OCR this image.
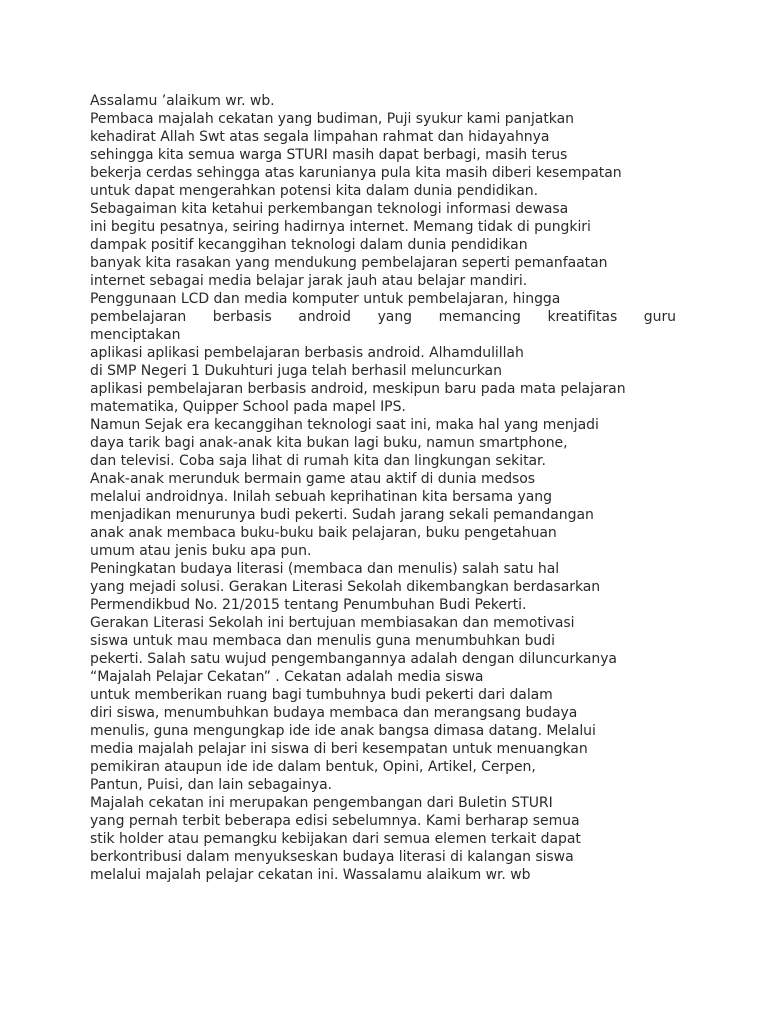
Assalamu ’alaikum wr. wb.
Pembaca majalah cekatan yang budiman, Puji syukur kami panjatkan
kehadirat Allah Swt atas segala limpahan rahmat dan hidayahnya
sehingga kita semua warga STURI masih dapat berbagi, masih terus
bekerja cerdas sehingga atas karunianya pula kita masih diberi kesempatan
untuk dapat mengerahkan potensi kita dalam dunia pendidikan.
Sebagaiman kita ketahui perkembangan teknologi informasi dewasa
ini begitu pesatnya, seiring hadirnya internet. Memang tidak di pungkiri
dampak positif kecanggihan teknologi dalam dunia pendidikan
banyak kita rasakan yang mendukung pembelajaran seperti pemanfaatan
internet sebagai media belajar jarak jauh atau belajar mandiri.
Penggunaan LCD dan media komputer untuk pembelajaran, hingga
pembelajaran berbasis android yang memancing kreatifitas guru
menciptakan
aplikasi aplikasi pembelajaran berbasis android. Alhamdulillah
di SMP Negeri 1 Dukuhturi juga telah berhasil meluncurkan
aplikasi pembelajaran berbasis android, meskipun baru pada mata pelajaran
matematika, Quipper School pada mapel IPS.
Namun Sejak era kecanggihan teknologi saat ini, maka hal yang menjadi
daya tarik bagi anak-anak kita bukan lagi buku, namun smartphone,
dan televisi. Coba saja lihat di rumah kita dan lingkungan sekitar.
Anak-anak merunduk bermain game atau aktif di dunia medsos
melalui androidnya. Inilah sebuah keprihatinan kita bersama yang
menjadikan menurunya budi pekerti. Sudah jarang sekali pemandangan
anak anak membaca buku-buku baik pelajaran, buku pengetahuan
umum atau jenis buku apa pun.
Peningkatan budaya literasi (membaca dan menulis) salah satu hal
yang mejadi solusi. Gerakan Literasi Sekolah dikembangkan berdasarkan
Permendikbud No. 21/2015 tentang Penumbuhan Budi Pekerti.
Gerakan Literasi Sekolah ini bertujuan membiasakan dan memotivasi
siswa untuk mau membaca dan menulis guna menumbuhkan budi
pekerti. Salah satu wujud pengembangannya adalah dengan diluncurkanya
“Majalah Pelajar Cekatan” . Cekatan adalah media siswa
untuk memberikan ruang bagi tumbuhnya budi pekerti dari dalam
diri siswa, menumbuhkan budaya membaca dan merangsang budaya
menulis, guna mengungkap ide ide anak bangsa dimasa datang. Melalui
media majalah pelajar ini siswa di beri kesempatan untuk menuangkan
pemikiran ataupun ide ide dalam bentuk, Opini, Artikel, Cerpen,
Pantun, Puisi, dan lain sebagainya.
Majalah cekatan ini merupakan pengembangan dari Buletin STURI
yang pernah terbit beberapa edisi sebelumnya. Kami berharap semua
stik holder atau pemangku kebijakan dari semua elemen terkait dapat
berkontribusi dalam menyukseskan budaya literasi di kalangan siswa
melalui majalah pelajar cekatan ini. Wassalamu alaikum wr. wb
